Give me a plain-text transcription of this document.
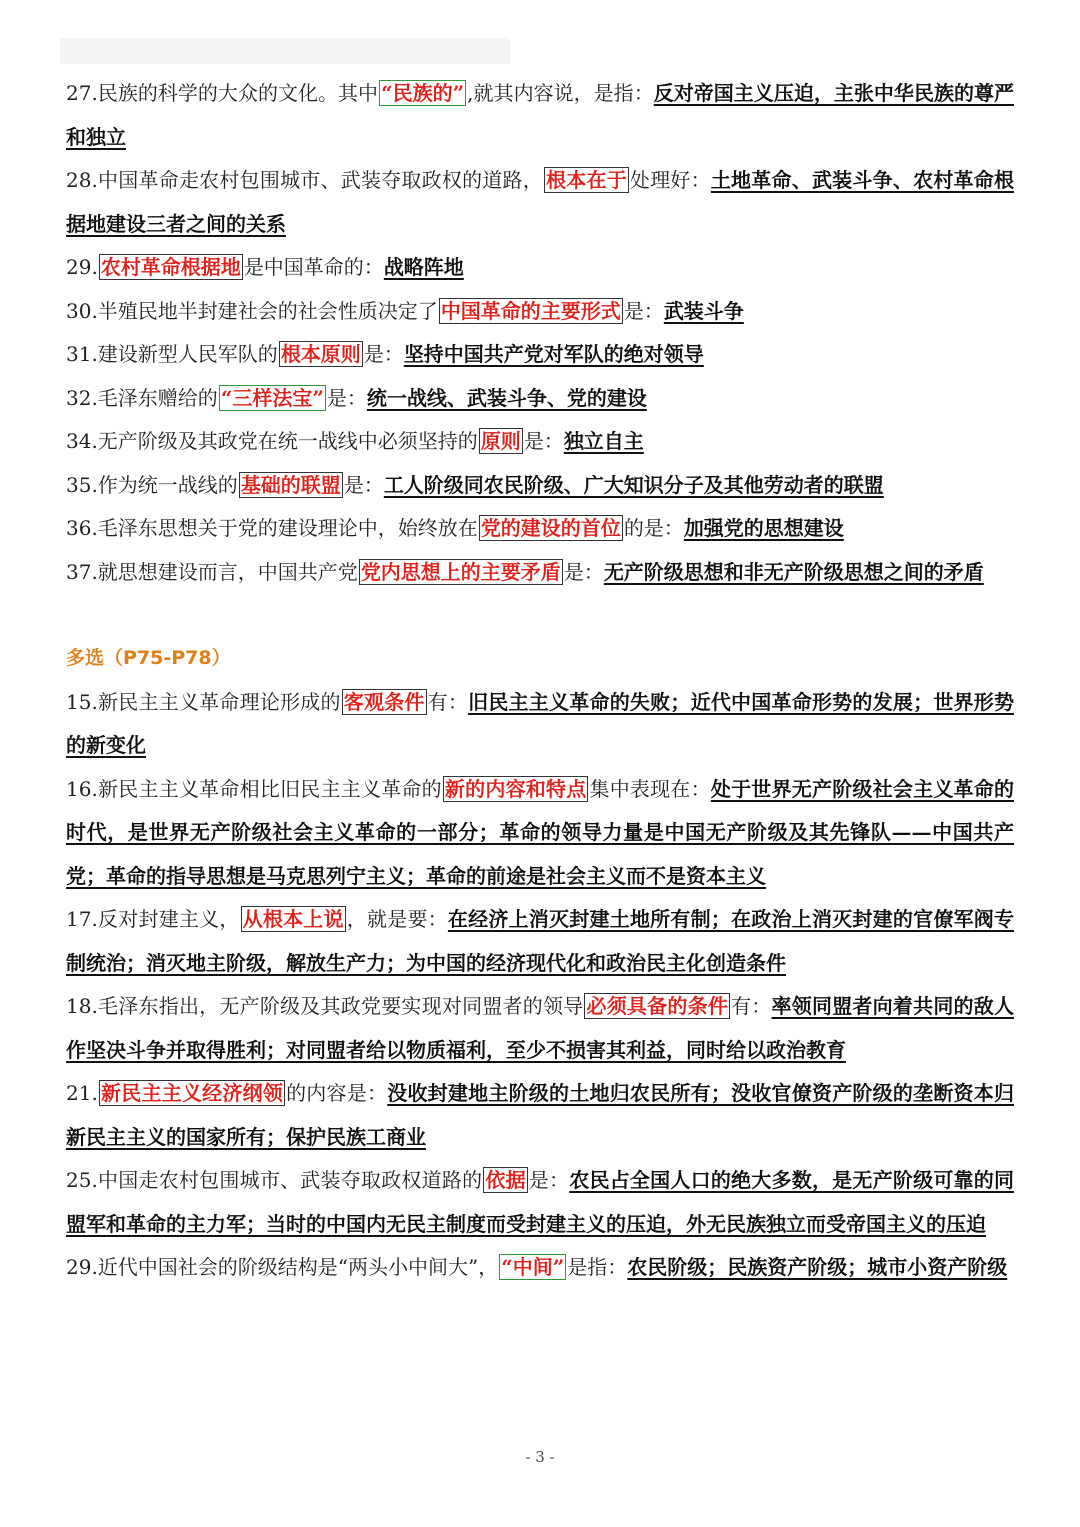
27.民族的科学的大众的文化。其中 “民族的” ,就其内容说，是指：反对帝国主义压迫，主张中华民族的尊严和独立
28.中国革命走农村包围城市、武装夺取政权的道路， 根本在于 处理好：土地革命、武装斗争、农村革命根据地建设三者之间的关系
29. 农村革命根据地 是中国革命的：战略阵地
30.半殖民地半封建社会的社会性质决定了 中国革命的主要形式 是：武装斗争
31.建设新型人民军队的 根本原则 是：坚持中国共产党对军队的绝对领导
32.毛泽东赠给的 “三样法宝” 是：统一战线、武装斗争、党的建设
34.无产阶级及其政党在统一战线中必须坚持的 原则 是：独立自主
35.作为统一战线的 基础的联盟 是：工人阶级同农民阶级、广大知识分子及其他劳动者的联盟
36.毛泽东思想关于党的建设理论中，始终放在 党的建设的首位 的是：加强党的思想建设
37.就思想建设而言，中国共产党 党内思想上的主要矛盾 是：无产阶级思想和非无产阶级思想之间的矛盾
多选（P75-P78）
15.新民主主义革命理论形成的 客观条件 有：旧民主主义革命的失败；近代中国革命形势的发展；世界形势的新变化
16.新民主主义革命相比旧民主主义革命的 新的内容和特点 集中表现在：处于世界无产阶级社会主义革命的时代，是世界无产阶级社会主义革命的一部分；革命的领导力量是中国无产阶级及其先锋队——中国共产党；革命的指导思想是马克思列宁主义；革命的前途是社会主义而不是资本主义
17.反对封建主义， 从根本上说 ，就是要：在经济上消灭封建土地所有制；在政治上消灭封建的官僚军阀专制统治；消灭地主阶级，解放生产力；为中国的经济现代化和政治民主化创造条件
18.毛泽东指出，无产阶级及其政党要实现对同盟者的领导 必须具备的条件 有：率领同盟者向着共同的敌人作坚决斗争并取得胜利；对同盟者给以物质福利，至少不损害其利益，同时给以政治教育
21. 新民主主义经济纲领 的内容是：没收封建地主阶级的土地归农民所有；没收官僚资产阶级的垄断资本归新民主主义的国家所有；保护民族工商业
25.中国走农村包围城市、武装夺取政权道路的 依据 是：农民占全国人口的绝大多数，是无产阶级可靠的同盟军和革命的主力军；当时的中国内无民主制度而受封建主义的压迫，外无民族独立而受帝国主义的压迫
29.近代中国社会的阶级结构是“两头小中间大”， “中间” 是指：农民阶级；民族资产阶级；城市小资产阶级
- 3 -
